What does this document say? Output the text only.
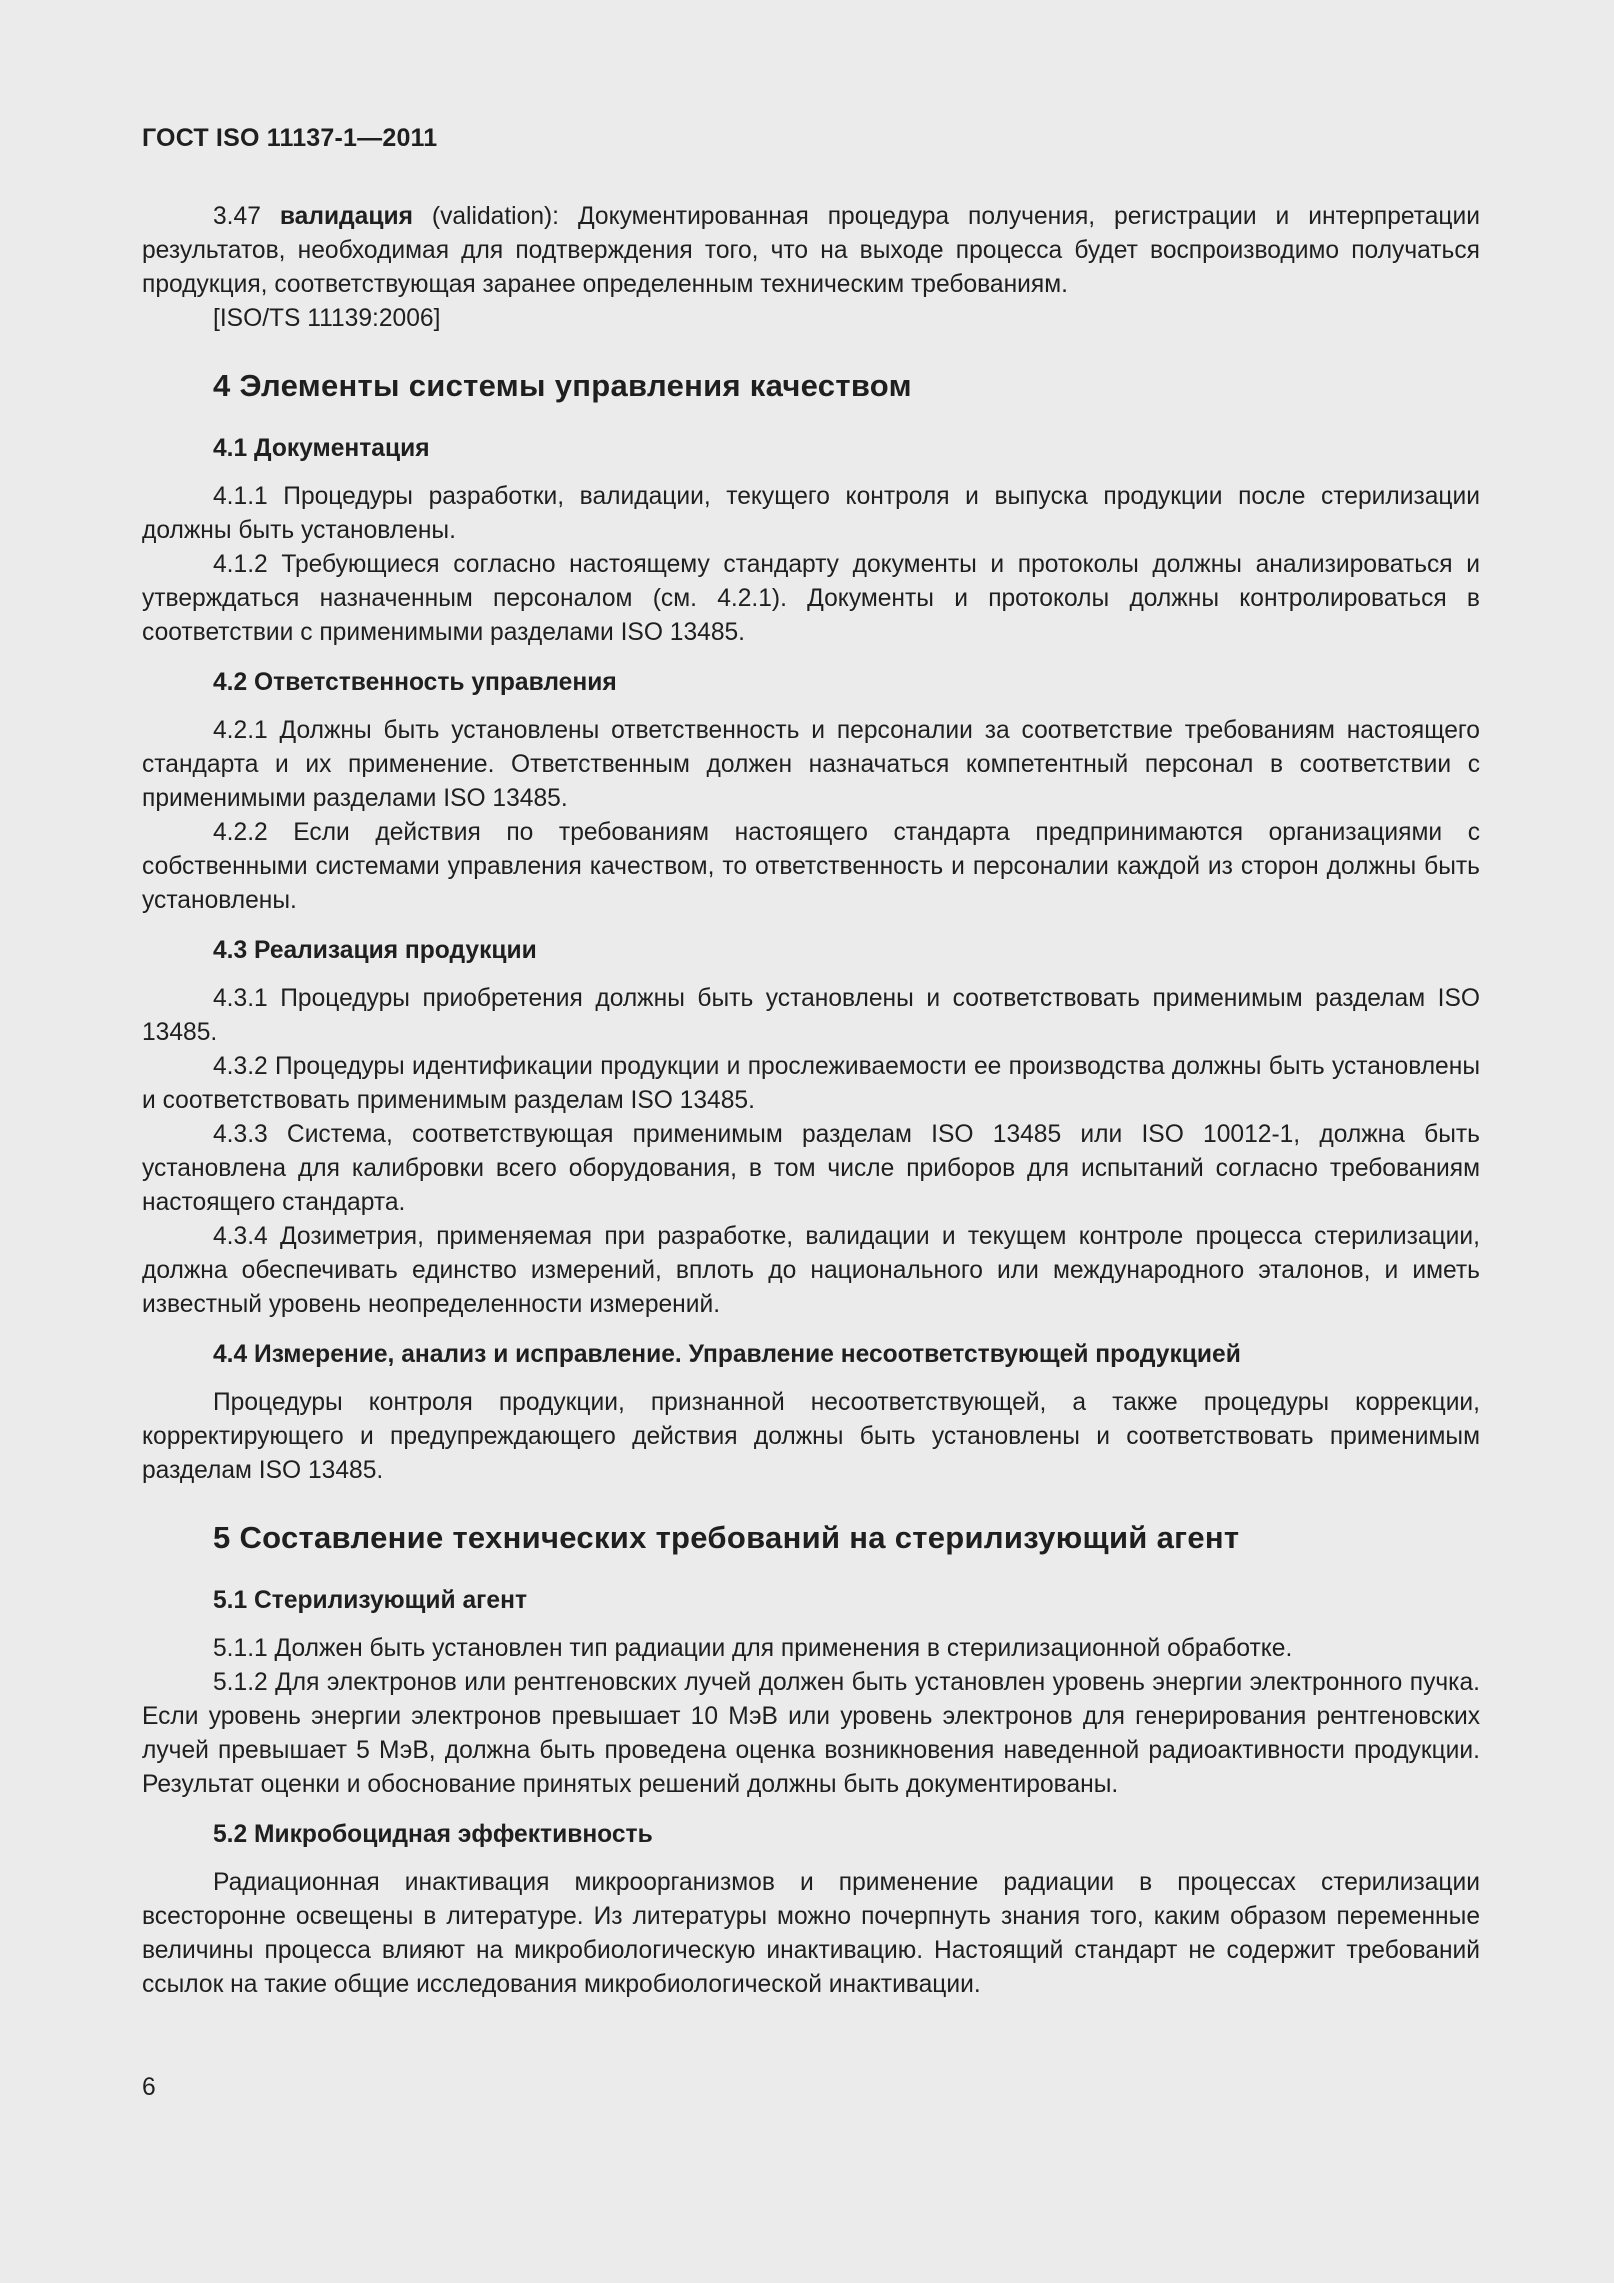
ГОСТ ISO 11137-1—2011

3.47 валидация (validation): Документированная процедура получения, регистрации и интерпретации результатов, необходимая для подтверждения того, что на выходе процесса будет воспроизводимо получаться продукция, соответствующая заранее определенным техническим требованиям.

[ISO/TS 11139:2006]

4 Элементы системы управления качеством
4.1 Документация

4.1.1 Процедуры разработки, валидации, текущего контроля и выпуска продукции после стерилизации должны быть установлены.

4.1.2 Требующиеся согласно настоящему стандарту документы и протоколы должны анализироваться и утверждаться назначенным персоналом (см. 4.2.1). Документы и протоколы должны контролироваться в соответствии с применимыми разделами ISO 13485.

4.2 Ответственность управления

4.2.1 Должны быть установлены ответственность и персоналии за соответствие требованиям настоящего стандарта и их применение. Ответственным должен назначаться компетентный персонал в соответствии с применимыми разделами ISO 13485.

4.2.2 Если действия по требованиям настоящего стандарта предпринимаются организациями с собственными системами управления качеством, то ответственность и персоналии каждой из сторон должны быть установлены.

4.3 Реализация продукции

4.3.1 Процедуры приобретения должны быть установлены и соответствовать применимым разделам ISO 13485.

4.3.2 Процедуры идентификации продукции и прослеживаемости ее производства должны быть установлены и соответствовать применимым разделам ISO 13485.

4.3.3 Система, соответствующая применимым разделам ISO 13485 или ISO 10012-1, должна быть установлена для калибровки всего оборудования, в том числе приборов для испытаний согласно требованиям настоящего стандарта.

4.3.4 Дозиметрия, применяемая при разработке, валидации и текущем контроле процесса стерилизации, должна обеспечивать единство измерений, вплоть до национального или международного эталонов, и иметь известный уровень неопределенности измерений.

4.4 Измерение, анализ и исправление. Управление несоответствующей продукцией

Процедуры контроля продукции, признанной несоответствующей, а также процедуры коррекции, корректирующего и предупреждающего действия должны быть установлены и соответствовать применимым разделам ISO 13485.

5 Составление технических требований на стерилизующий агент
5.1 Стерилизующий агент

5.1.1 Должен быть установлен тип радиации для применения в стерилизационной обработке.

5.1.2 Для электронов или рентгеновских лучей должен быть установлен уровень энергии электронного пучка. Если уровень энергии электронов превышает 10 МэВ или уровень электронов для генерирования рентгеновских лучей превышает 5 МэВ, должна быть проведена оценка возникновения наведенной радиоактивности продукции. Результат оценки и обоснование принятых решений должны быть документированы.

5.2 Микробоцидная эффективность

Радиационная инактивация микроорганизмов и применение радиации в процессах стерилизации всесторонне освещены в литературе. Из литературы можно почерпнуть знания того, каким образом переменные величины процесса влияют на микробиологическую инактивацию. Настоящий стандарт не содержит требований ссылок на такие общие исследования микробиологической инактивации.

6
